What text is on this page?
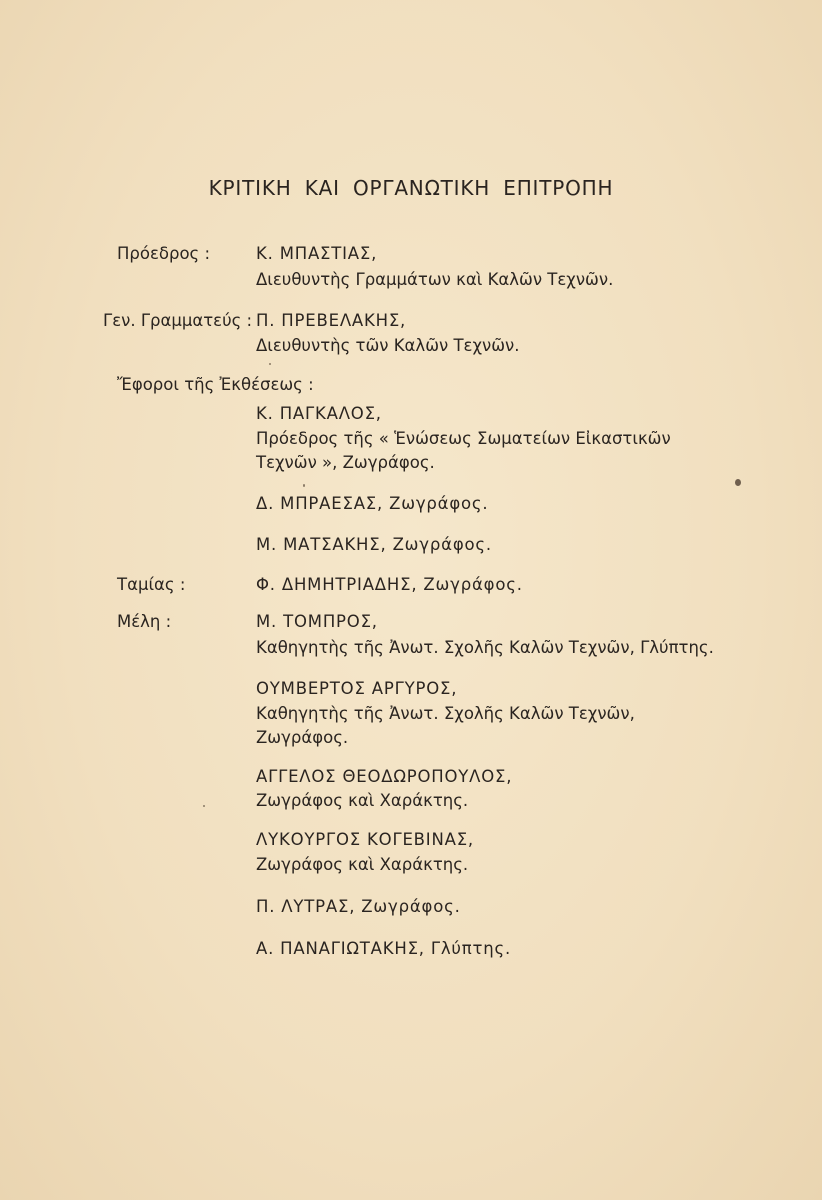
ΚΡΙΤΙΚΗ ΚΑΙ ΟΡΓΑΝΩΤΙΚΗ ΕΠΙΤΡΟΠΗ
Πρόεδρος :
Γεν. Γραμματεύς :
Ἔφοροι τῆς Ἐκθέσεως :
Ταμίας :
Μέλη :
Κ. ΜΠΑΣΤΙΑΣ,
Διευθυντὴς Γραμμάτων καὶ Καλῶν Τεχνῶν.
Π. ΠΡΕΒΕΛΑΚΗΣ,
Διευθυντὴς τῶν Καλῶν Τεχνῶν.
Κ. ΠΑΓΚΑΛΟΣ,
Πρόεδρος τῆς « Ἑνώσεως Σωματείων Εἰκαστικῶν
Τεχνῶν », Ζωγράφος.
Δ. ΜΠΡΑΕΣΑΣ, Ζωγράφος.
Μ. ΜΑΤΣΑΚΗΣ, Ζωγράφος.
Φ. ΔΗΜΗΤΡΙΑΔΗΣ, Ζωγράφος.
Μ. ΤΟΜΠΡΟΣ,
Καθηγητὴς τῆς Ἀνωτ. Σχολῆς Καλῶν Τεχνῶν, Γλύπτης.
ΟΥΜΒΕΡΤΟΣ ΑΡΓΥΡΟΣ,
Καθηγητὴς τῆς Ἀνωτ. Σχολῆς Καλῶν Τεχνῶν,
Ζωγράφος.
ΑΓΓΕΛΟΣ ΘΕΟΔΩΡΟΠΟΥΛΟΣ,
Ζωγράφος καὶ Χαράκτης.
ΛΥΚΟΥΡΓΟΣ ΚΟΓΕΒΙΝΑΣ,
Ζωγράφος καὶ Χαράκτης.
Π. ΛΥΤΡΑΣ, Ζωγράφος.
Α. ΠΑΝΑΓΙΩΤΑΚΗΣ, Γλύπτης.
